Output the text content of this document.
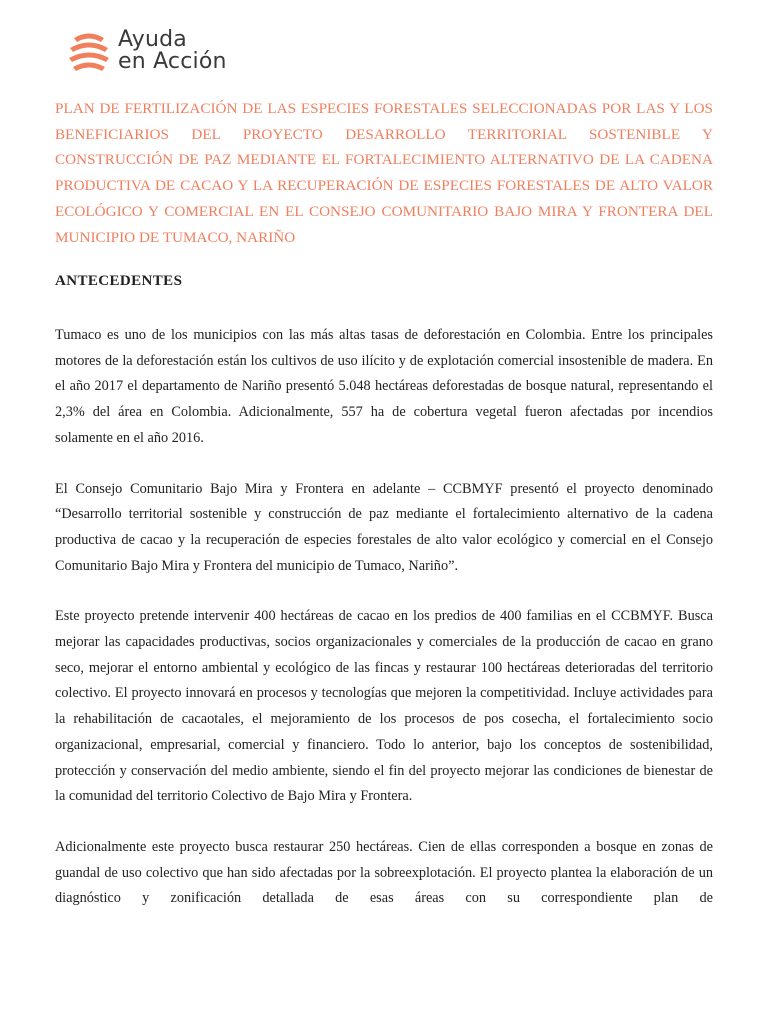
Ayuda
en Acción
PLAN DE FERTILIZACIÓN DE LAS ESPECIES FORESTALES SELECCIONADAS POR LAS Y LOS BENEFICIARIOS DEL PROYECTO DESARROLLO TERRITORIAL SOSTENIBLE Y CONSTRUCCIÓN DE PAZ MEDIANTE EL FORTALECIMIENTO ALTERNATIVO DE LA CADENA PRODUCTIVA DE CACAO Y LA RECUPERACIÓN DE ESPECIES FORESTALES DE ALTO VALOR ECOLÓGICO Y COMERCIAL EN EL CONSEJO COMUNITARIO BAJO MIRA Y FRONTERA DEL MUNICIPIO DE TUMACO, NARIÑO
ANTECEDENTES

Tumaco es uno de los municipios con las más altas tasas de deforestación en Colombia. Entre los principales motores de la deforestación están los cultivos de uso ilícito y de explotación comercial insostenible de madera. En el año 2017 el departamento de Nariño presentó 5.048 hectáreas deforestadas de bosque natural, representando el 2,3% del área en Colombia. Adicionalmente, 557 ha de cobertura vegetal fueron afectadas por incendios solamente en el año 2016.

El Consejo Comunitario Bajo Mira y Frontera en adelante – CCBMYF presentó el proyecto denominado “Desarrollo territorial sostenible y construcción de paz mediante el fortalecimiento alternativo de la cadena productiva de cacao y la recuperación de especies forestales de alto valor ecológico y comercial en el Consejo Comunitario Bajo Mira y Frontera del municipio de Tumaco, Nariño”.

Este proyecto pretende intervenir 400 hectáreas de cacao en los predios de 400 familias en el CCBMYF. Busca mejorar las capacidades productivas, socios organizacionales y comerciales de la producción de cacao en grano seco, mejorar el entorno ambiental y ecológico de las fincas y restaurar 100 hectáreas deterioradas del territorio colectivo. El proyecto innovará en procesos y tecnologías que mejoren la competitividad. Incluye actividades para la rehabilitación de cacaotales, el mejoramiento de los procesos de pos cosecha, el fortalecimiento socio organizacional, empresarial, comercial y financiero. Todo lo anterior, bajo los conceptos de sostenibilidad, protección y conservación del medio ambiente, siendo el fin del proyecto mejorar las condiciones de bienestar de la comunidad del territorio Colectivo de Bajo Mira y Frontera.

Adicionalmente este proyecto busca restaurar 250 hectáreas. Cien de ellas corresponden a bosque en zonas de guandal de uso colectivo que han sido afectadas por la sobreexplotación. El proyecto plantea la elaboración de un diagnóstico y zonificación detallada de esas áreas con su correspondiente plan de
